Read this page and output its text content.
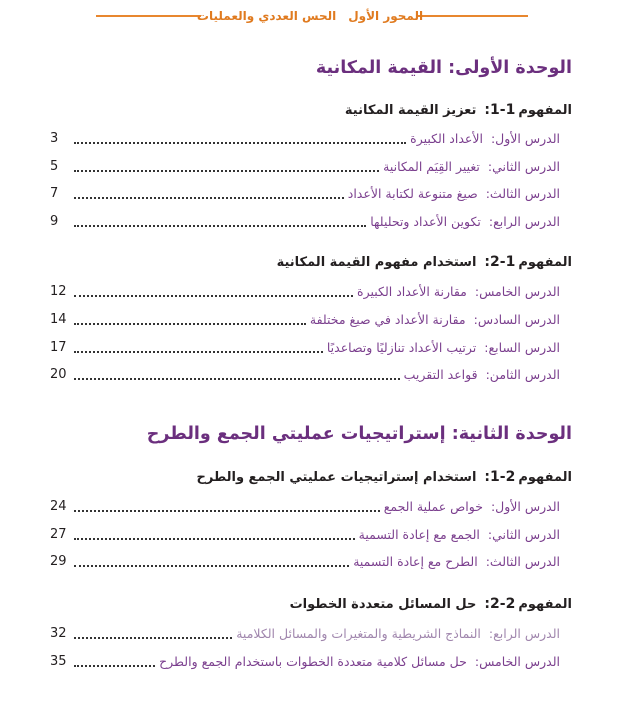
المحور الأول
الحس العددي والعمليات
الوحدة الأولى: القيمة المكانية
المفهوم1-1:تعزيز القيمة المكانية
الدرس الأول:
الأعداد الكبيرة
3
الدرس الثاني:
تغيير القِيَم المكانية
5
الدرس الثالث:
صيغ متنوعة لكتابة الأعداد
7
الدرس الرابع:
تكوين الأعداد وتحليلها
9
المفهوم1-2:استخدام مفهوم القيمة المكانية
الدرس الخامس:
مقارنة الأعداد الكبيرة
12
الدرس السادس:
مقارنة الأعداد في صيغ مختلفة
14
الدرس السابع:
ترتيب الأعداد تنازليًا وتصاعديًا
17
الدرس الثامن:
قواعد التقريب
20
الوحدة الثانية: إستراتيجيات عمليتي الجمع والطرح
المفهوم2-1:استخدام إستراتيجيات عمليتي الجمع والطرح
الدرس الأول:
خواص عملية الجمع
24
الدرس الثاني:
الجمع مع إعادة التسمية
27
الدرس الثالث:
الطرح مع إعادة التسمية
29
المفهوم2-2:حل المسائل متعددة الخطوات
الدرس الرابع:
النماذج الشريطية والمتغيرات والمسائل الكلامية
32
الدرس الخامس:
حل مسائل كلامية متعددة الخطوات باستخدام الجمع والطرح
35
